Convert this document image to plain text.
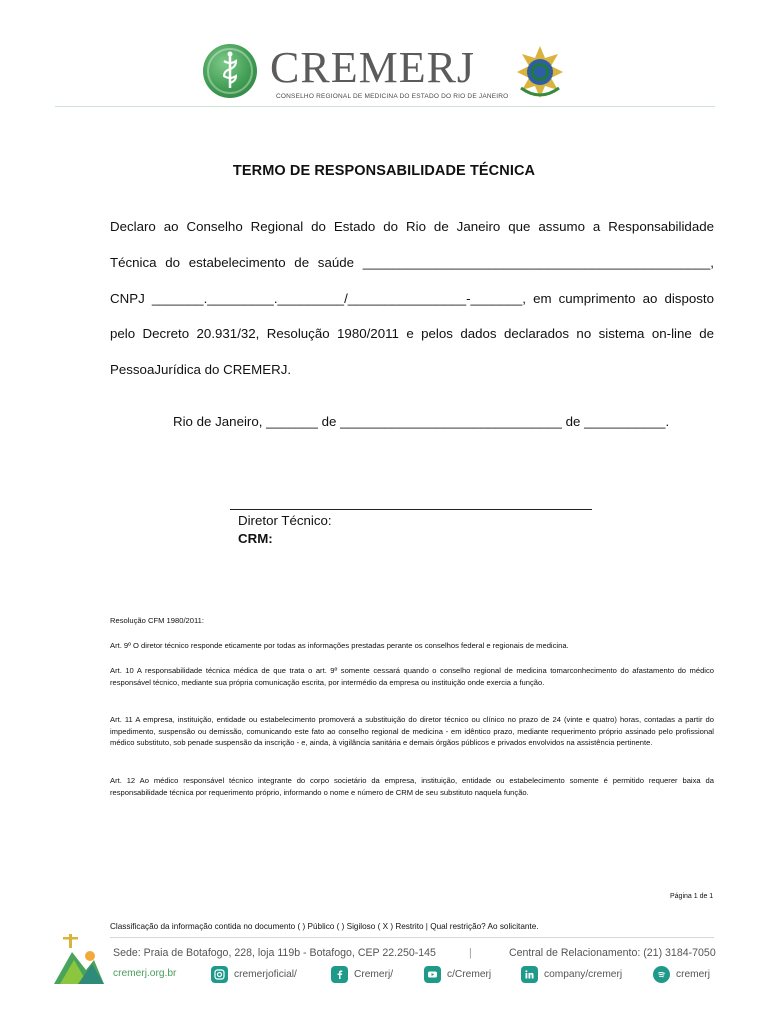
CREMERJ
CONSELHO REGIONAL DE MEDICINA DO ESTADO DO RIO DE JANEIRO
TERMO DE RESPONSABILIDADE TÉCNICA
Declaro ao Conselho Regional do Estado do Rio de Janeiro que assumo a Responsabilidade
Técnica do estabelecimento de saúde _______________________________________________,
CNPJ _______._________._________/________________-_______, em cumprimento ao disposto
pelo Decreto 20.931/32, Resolução 1980/2011 e pelos dados declarados no sistema on-line de
PessoaJurídica do CREMERJ.
Rio de Janeiro, _______ de ______________________________ de ___________.
Diretor Técnico:
CRM:
Resolução CFM 1980/2011:
Art. 9º O diretor técnico responde eticamente por todas as informações prestadas perante os conselhos federal e regionais de medicina.
Art. 10 A responsabilidade técnica médica de que trata o art. 9º somente cessará quando o conselho regional de medicina tomarconhecimento do afastamento do médico responsável técnico, mediante sua própria comunicação escrita, por intermédio da empresa ou instituição onde exercia a função.
Art. 11 A empresa, instituição, entidade ou estabelecimento promoverá a substituição do diretor técnico ou clínico no prazo de 24 (vinte e quatro) horas, contadas a partir do impedimento, suspensão ou demissão, comunicando este fato ao conselho regional de medicina - em idêntico prazo, mediante requerimento próprio assinado pelo profissional médico substituto, sob penade suspensão da inscrição - e, ainda, à vigilância sanitária e demais órgãos públicos e privados envolvidos na assistência pertinente.
Art. 12 Ao médico responsável técnico integrante do corpo societário da empresa, instituição, entidade ou estabelecimento somente é permitido requerer baixa da responsabilidade técnica por requerimento próprio, informando o nome e número de CRM de seu substituto naquela função.
Página 1 de 1
Classificação da informação contida no documento ( ) Público ( ) Sigiloso ( X ) Restrito | Qual restrição? Ao solicitante.
Sede: Praia de Botafogo, 228, loja 119b - Botafogo, CEP 22.250-145	|	Central de Relacionamento: (21) 3184-7050
cremerj.org.br	cremerjoficial/	Cremerj/	c/Cremerj	company/cremerj	cremerj
